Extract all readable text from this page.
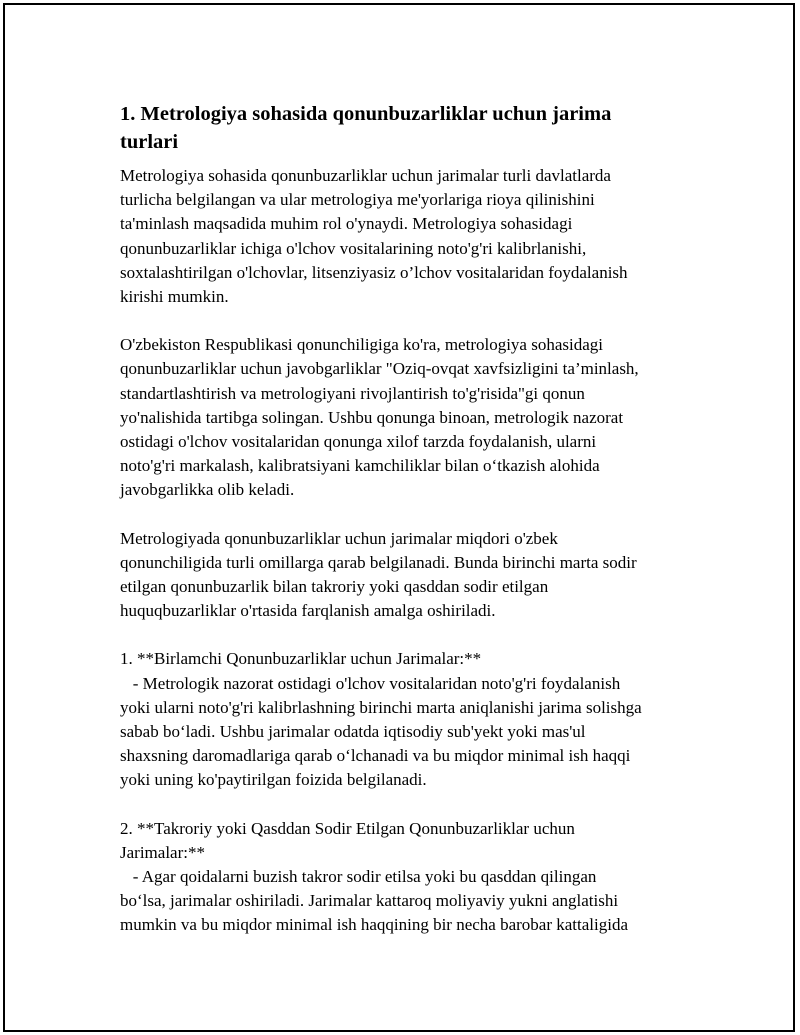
1. Metrologiya sohasida qonunbuzarliklar uchun jarima
turlari
Metrologiya sohasida qonunbuzarliklar uchun jarimalar turli davlatlarda
turlicha belgilangan va ular metrologiya me'yorlariga rioya qilinishini
ta'minlash maqsadida muhim rol o'ynaydi. Metrologiya sohasidagi
qonunbuzarliklar ichiga o'lchov vositalarining noto'g'ri kalibrlanishi,
soxtalashtirilgan o'lchovlar, litsenziyasiz o’lchov vositalaridan foydalanish
kirishi mumkin.
O'zbekiston Respublikasi qonunchiligiga ko'ra, metrologiya sohasidagi
qonunbuzarliklar uchun javobgarliklar "Oziq-ovqat xavfsizligini ta’minlash,
standartlashtirish va metrologiyani rivojlantirish to'g'risida"gi qonun
yo'nalishida tartibga solingan. Ushbu qonunga binoan, metrologik nazorat
ostidagi o'lchov vositalaridan qonunga xilof tarzda foydalanish, ularni
noto'g'ri markalash, kalibratsiyani kamchiliklar bilan o‘tkazish alohida
javobgarlikka olib keladi.
Metrologiyada qonunbuzarliklar uchun jarimalar miqdori o'zbek
qonunchiligida turli omillarga qarab belgilanadi. Bunda birinchi marta sodir
etilgan qonunbuzarlik bilan takroriy yoki qasddan sodir etilgan
huquqbuzarliklar o'rtasida farqlanish amalga oshiriladi.
1. **Birlamchi Qonunbuzarliklar uchun Jarimalar:**
- Metrologik nazorat ostidagi o'lchov vositalaridan noto'g'ri foydalanish
yoki ularni noto'g'ri kalibrlashning birinchi marta aniqlanishi jarima solishga
sabab bo‘ladi. Ushbu jarimalar odatda iqtisodiy sub'yekt yoki mas'ul
shaxsning daromadlariga qarab o‘lchanadi va bu miqdor minimal ish haqqi
yoki uning ko'paytirilgan foizida belgilanadi.
2. **Takroriy yoki Qasddan Sodir Etilgan Qonunbuzarliklar uchun
Jarimalar:**
- Agar qoidalarni buzish takror sodir etilsa yoki bu qasddan qilingan
bo‘lsa, jarimalar oshiriladi. Jarimalar kattaroq moliyaviy yukni anglatishi
mumkin va bu miqdor minimal ish haqqining bir necha barobar kattaligida
